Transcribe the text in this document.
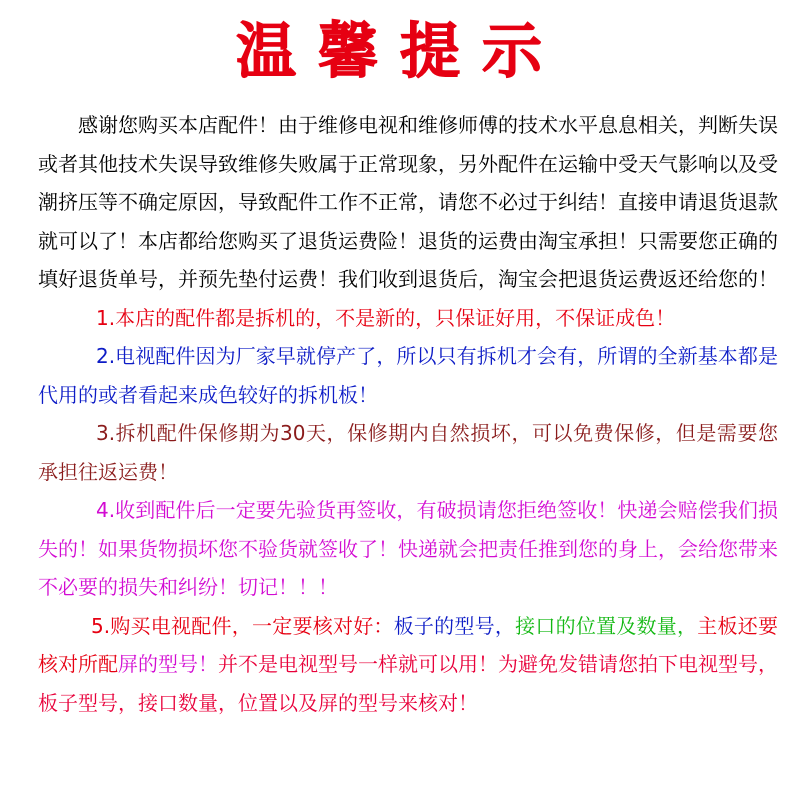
温馨提示

感谢您购买本店配件！由于维修电视和维修师傅的技术水平息息相关，判断失误或者其他技术失误导致维修失败属于正常现象，另外配件在运输中受天气影响以及受潮挤压等不确定原因，导致配件工作不正常，请您不必过于纠结！直接申请退货退款就可以了！本店都给您购买了退货运费险！退货的运费由淘宝承担！只需要您正确的填好退货单号，并预先垫付运费！我们收到退货后，淘宝会把退货运费返还给您的！

1.本店的配件都是拆机的，不是新的，只保证好用，不保证成色！

2.电视配件因为厂家早就停产了，所以只有拆机才会有，所谓的全新基本都是代用的或者看起来成色较好的拆机板！

3.拆机配件保修期为30天，保修期内自然损坏，可以免费保修，但是需要您承担往返运费！

4.收到配件后一定要先验货再签收，有破损请您拒绝签收！快递会赔偿我们损失的！如果货物损坏您不验货就签收了！快递就会把责任推到您的身上，会给您带来不必要的损失和纠纷！切记！！！

5.购买电视配件，一定要核对好：板子的型号，接口的位置及数量，主板还要核对所配屏的型号！并不是电视型号一样就可以用！为避免发错请您拍下电视型号，板子型号，接口数量，位置以及屏的型号来核对！
